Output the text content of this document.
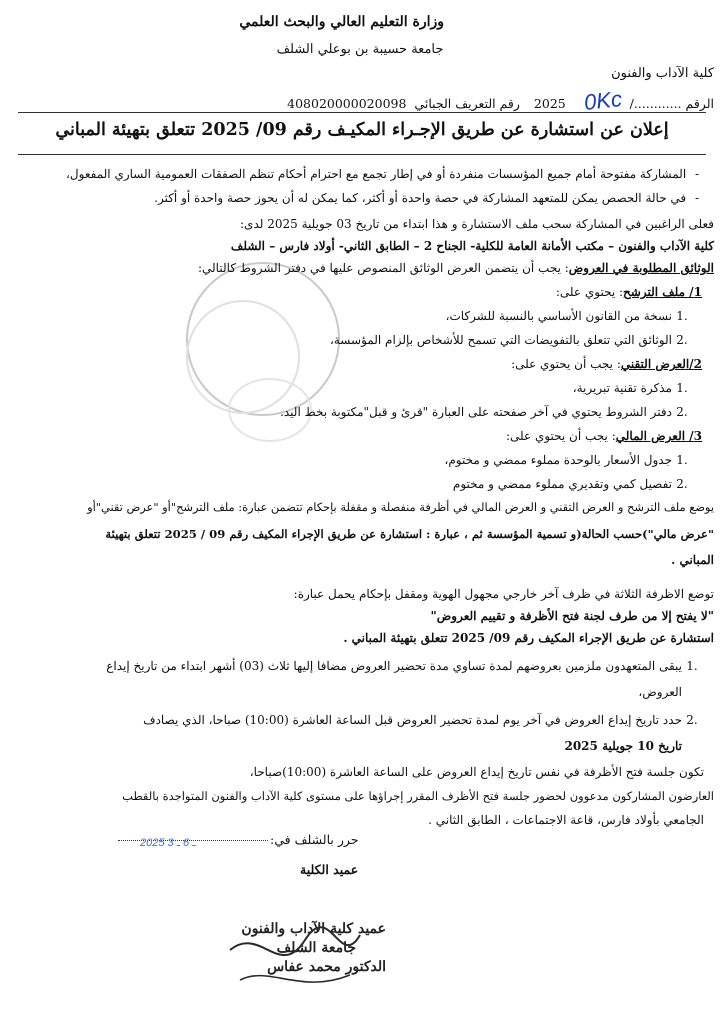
وزارة التعليم العالي والبحث العلمي
جامعة حسيبة بن بوعلي الشلف
كلية الآداب والفنون
الرقم ............/ 0Kc 2025 رقم التعريف الجبائي 408020000020098
إعلان عن استشارة عن طريق الإجـراء المكيـف رقم 09/ 2025 تتعلق بتهيئة المباني
- المشاركة مفتوحة أمام جميع المؤسسات منفردة أو في إطار تجمع مع احترام أحكام تنظم الصفقات العمومية الساري المفعول،
- في حالة الحصص يمكن للمتعهد المشاركة في حصة واحدة أو أكثر، كما يمكن له أن يحوز حصة واحدة أو أكثر.
فعلى الراغبين في المشاركة سحب ملف الاستشارة و هذا ابتداء من تاريخ 03 جويلية 2025 لدى:
كلية الآداب والفنون – مكتب الأمانة العامة للكلية- الجناح 2 – الطابق الثاني- أولاد فارس – الشلف
الوثائق المطلوبة في العروض: يجب أن يتضمن العرض الوثائق المنصوص عليها في دفتر الشروط كالتالي:
1/ ملف الترشح: يحتوي على:
.1نسخة من القانون الأساسي بالنسبة للشركات،
.2الوثائق التي تتعلق بالتفويضات التي تسمح للأشخاص بإلزام المؤسسة،
2/العرض التقني: يجب أن يحتوي على:
.1مذكرة تقنية تبريرية،
.2دفتر الشروط يحتوي في آخر صفحته على العبارة "قرئ و قبل"مكتوبة بخط اليد.
3/ العرض المالي: يجب أن يحتوي على:
.1جدول الأسعار بالوحدة مملوء ممضي و مختوم،
.2تفصيل كمي وتقديري مملوء ممضي و مختوم
يوضع ملف الترشح و العرض التقني و العرض المالي في أظرفة منفصلة و مقفلة بإحكام تتضمن عبارة: ملف الترشح"أو "عرض تقني"أو
"عرض مالي")حسب الحالة(و تسمية المؤسسة ثم ، عبارة : استشارة عن طريق الإجراء المكيف رقم 09 / 2025 تتعلق بتهيئة
المباني .
توضع الاظرفة الثلاثة في ظرف آخر خارجي مجهول الهوية ومقفل بإحكام يحمل عبارة:
"لا يفتح إلا من طرف لجنة فتح الأظرفة و تقييم العروض"
استشارة عن طريق الإجراء المكيف رقم 09/ 2025 تتعلق بتهيئة المباني .
.1يبقى المتعهدون ملزمين بعروضهم لمدة تساوي مدة تحضير العروض مضافا إليها ثلاث (03) أشهر ابتداء من تاريخ إيداع
العروض،
.2حدد تاريخ إيداع العروض في آخر يوم لمدة تحضير العروض قبل الساعة العاشرة (10:00) صباحا، الذي يصادف
تاريخ 10 جويلية 2025
تكون جلسة فتح الأظرفة في نفس تاريخ إيداع العروض على الساعة العاشرة (10:00)صباحا،
العارضون المشاركون مدعوون لحضور جلسة فتح الأظرف المقرر إجراؤها على مستوى كلية الآداب والفنون المتواجدة بالقطب
الجامعي بأولاد فارس، قاعة الاجتماعات ، الطابق الثاني .
حرر بالشلف في:
2025 ـ 6 ـ 3
عميد الكلية
عميد كلية الآداب والفنون
جامعة الشلف
الدكتور محمد عفاس
